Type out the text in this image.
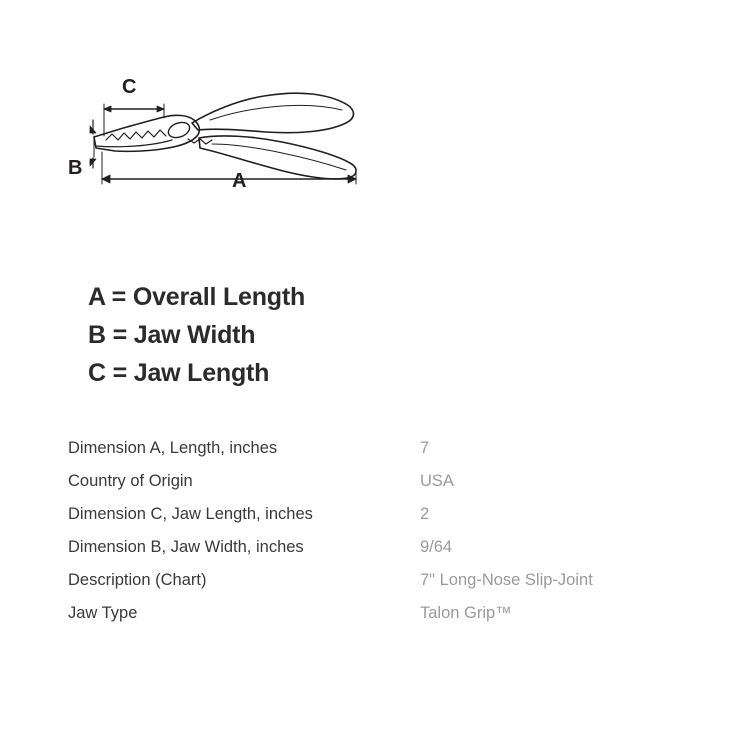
C
A
B
A = Overall Length
B = Jaw Width
C = Jaw Length
Dimension A, Length, inches	7
Country of Origin	USA
Dimension C, Jaw Length, inches	2
Dimension B, Jaw Width, inches	9/64
Description (Chart)	7" Long-Nose Slip-Joint
Jaw Type	Talon Grip™
